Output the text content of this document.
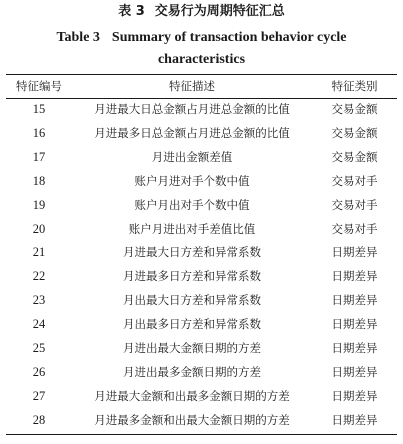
表 3 交易行为周期特征汇总
Table 3 Summary of transaction behavior cycle
characteristics
特征编号	特征描述	特征类别
15	月进最大日总金额占月进总金额的比值	交易金额
16	月进最多日总金额占月进总金额的比值	交易金额
17	月进出金额差值	交易金额
18	账户月进对手个数中值	交易对手
19	账户月出对手个数中值	交易对手
20	账户月进出对手差值比值	交易对手
21	月进最大日方差和异常系数	日期差异
22	月进最多日方差和异常系数	日期差异
23	月出最大日方差和异常系数	日期差异
24	月出最多日方差和异常系数	日期差异
25	月进出最大金额日期的方差	日期差异
26	月进出最多金额日期的方差	日期差异
27	月进最大金额和出最多金额日期的方差	日期差异
28	月进最多金额和出最大金额日期的方差	日期差异
